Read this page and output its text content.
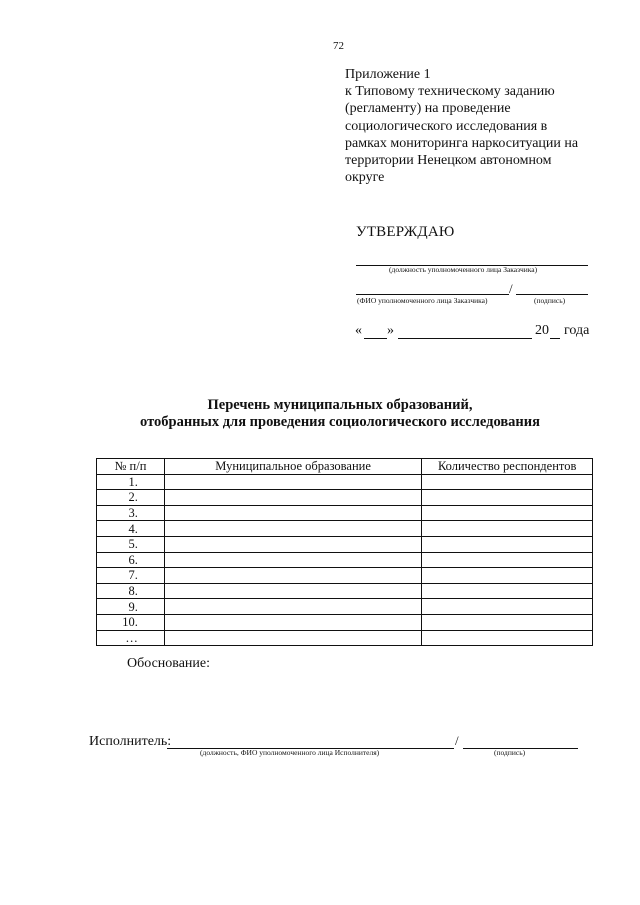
72
Приложение 1
к Типовому техническому заданию
(регламенту) на проведение
социологического исследования в
рамках мониторинга наркоситуации на
территории Ненецком автономном
округе
УТВЕРЖДАЮ
(должность уполномоченного лица Заказчика)
/
(ФИО уполномоченного лица Заказчика)	(подпись)
« »	20 года
Перечень муниципальных образований,
отобранных для проведения социологического исследования
№ п/п	Муниципальное образование	Количество респондентов
1.		
2.		
3.		
4.		
5.		
6.		
7.		
8.		
9.		
10.		
…		
Обоснование:
Исполнитель:	/
(должность, ФИО уполномоченного лица Исполнителя)	(подпись)
